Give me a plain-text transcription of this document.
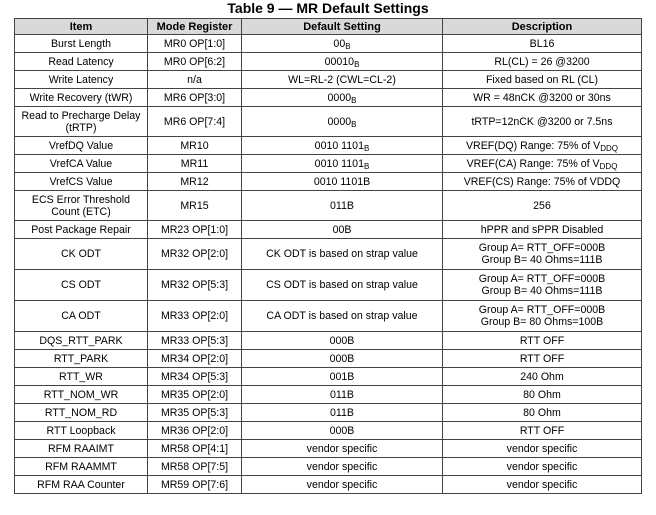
Table 9 — MR Default Settings
Item	Mode Register	Default Setting	Description
Burst Length	MR0 OP[1:0]	$00_B$	BL16
Read Latency	MR0 OP[6:2]	$00010_B$	RL(CL) = 26 @3200
Write Latency	n/a	WL=RL-2 (CWL=CL-2)	Fixed based on RL (CL)
Write Recovery (tWR)	MR6 OP[3:0]	$0000_B$	WR = 48nCK @3200 or 30ns
Read to Precharge Delay (tRTP)	MR6 OP[7:4]	$0000_B$	tRTP=12nCK @3200 or 7.5ns
VrefDQ Value	MR10	0010 $1101_B$	VREF(DQ) Range: 75% of $V_{DDQ}$
VrefCA Value	MR11	0010 $1101_B$	VREF(CA) Range: 75% of $V_{DDQ}$
VrefCS Value	MR12	0010 1101B	VREF(CS) Range: 75% of VDDQ
ECS Error Threshold Count (ETC)	MR15	011B	256
Post Package Repair	MR23 OP[1:0]	00B	hPPR and sPPR Disabled
CK ODT	MR32 OP[2:0]	CK ODT is based on strap value	Group A= RTT_OFF=000B
Group B= 40 Ohms=111B
CS ODT	MR32 OP[5:3]	CS ODT is based on strap value	Group A= RTT_OFF=000B
Group B= 40 Ohms=111B
CA ODT	MR33 OP[2:0]	CA ODT is based on strap value	Group A= RTT_OFF=000B
Group B= 80 Ohms=100B
DQS_RTT_PARK	MR33 OP[5:3]	000B	RTT OFF
RTT_PARK	MR34 OP[2:0]	000B	RTT OFF
RTT_WR	MR34 OP[5:3]	001B	240 Ohm
RTT_NOM_WR	MR35 OP[2:0]	011B	80 Ohm
RTT_NOM_RD	MR35 OP[5:3]	011B	80 Ohm
RTT Loopback	MR36 OP[2:0]	000B	RTT OFF
RFM RAAIMT	MR58 OP[4:1]	vendor specific	vendor specific
RFM RAAMMT	MR58 OP[7:5]	vendor specific	vendor specific
RFM RAA Counter	MR59 OP[7:6]	vendor specific	vendor specific
